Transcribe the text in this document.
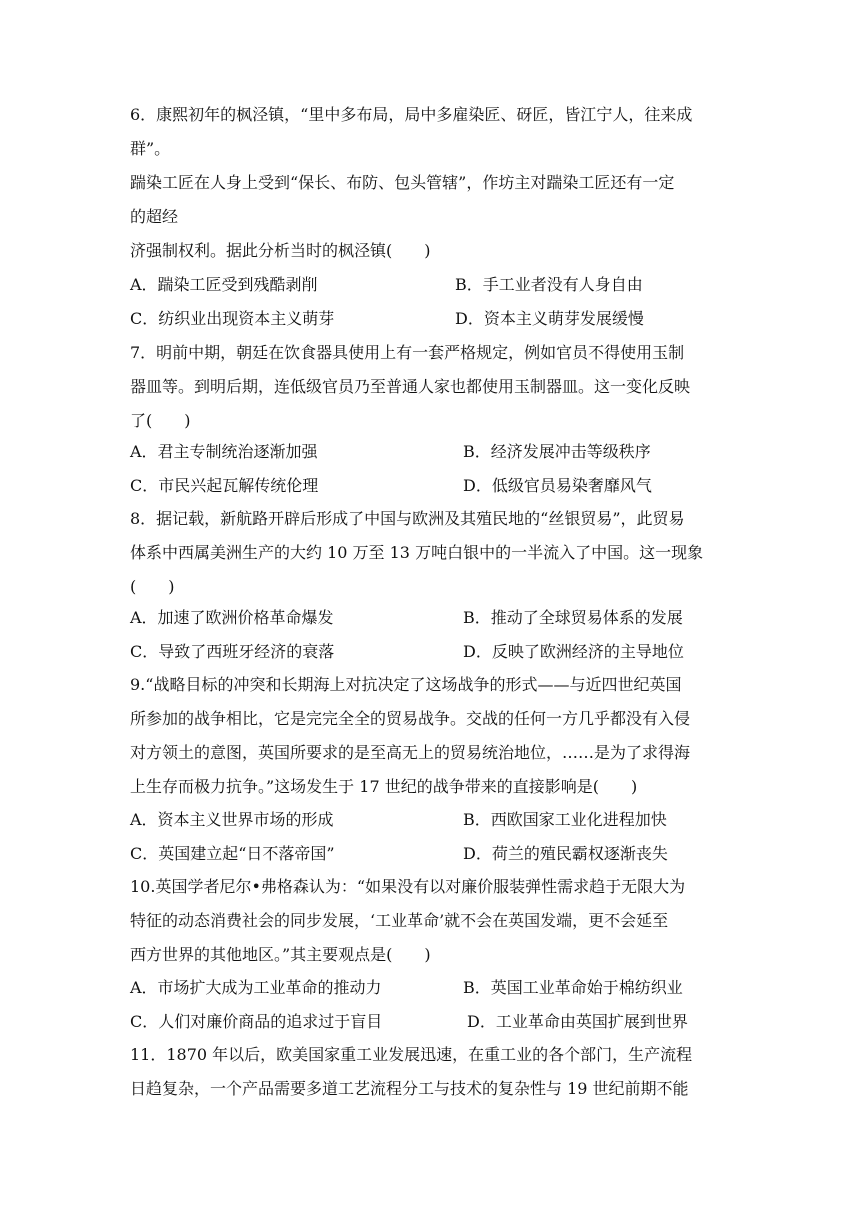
6．康熙初年的枫泾镇，“里中多布局，局中多雇染匠、砑匠，皆江宁人，往来成
群”。
踹染工匠在人身上受到“保长、布防、包头管辖”，作坊主对踹染工匠还有一定
的超经
济强制权利。据此分析当时的枫泾镇(　　)
A．踹染工匠受到残酷剥削	B．手工业者没有人身自由
C．纺织业出现资本主义萌芽	D．资本主义萌芽发展缓慢
7．明前中期，朝廷在饮食器具使用上有一套严格规定，例如官员不得使用玉制
器皿等。到明后期，连低级官员乃至普通人家也都使用玉制器皿。这一变化反映
了(　　)
A．君主专制统治逐渐加强	B．经济发展冲击等级秩序
C．市民兴起瓦解传统伦理	D．低级官员易染奢靡风气
8．据记载，新航路开辟后形成了中国与欧洲及其殖民地的“丝银贸易”，此贸易
体系中西属美洲生产的大约 10 万至 13 万吨白银中的一半流入了中国。这一现象
(　　)
A．加速了欧洲价格革命爆发	B．推动了全球贸易体系的发展
C．导致了西班牙经济的衰落	D．反映了欧洲经济的主导地位
9.“战略目标的冲突和长期海上对抗决定了这场战争的形式——与近四世纪英国
所参加的战争相比，它是完完全全的贸易战争。交战的任何一方几乎都没有入侵
对方领土的意图，英国所要求的是至高无上的贸易统治地位，……是为了求得海
上生存而极力抗争。”这场发生于 17 世纪的战争带来的直接影响是(　　)
A．资本主义世界市场的形成	B．西欧国家工业化进程加快
C．英国建立起“日不落帝国”	D．荷兰的殖民霸权逐渐丧失
10.英国学者尼尔•弗格森认为：“如果没有以对廉价服装弹性需求趋于无限大为
特征的动态消费社会的同步发展，‘工业革命’就不会在英国发端，更不会延至
西方世界的其他地区。”其主要观点是(　　)
A．市场扩大成为工业革命的推动力	B．英国工业革命始于棉纺织业
C．人们对廉价商品的追求过于盲目	D．工业革命由英国扩展到世界
11．1870 年以后，欧美国家重工业发展迅速，在重工业的各个部门，生产流程
日趋复杂，一个产品需要多道工艺流程分工与技术的复杂性与 19 世纪前期不能
